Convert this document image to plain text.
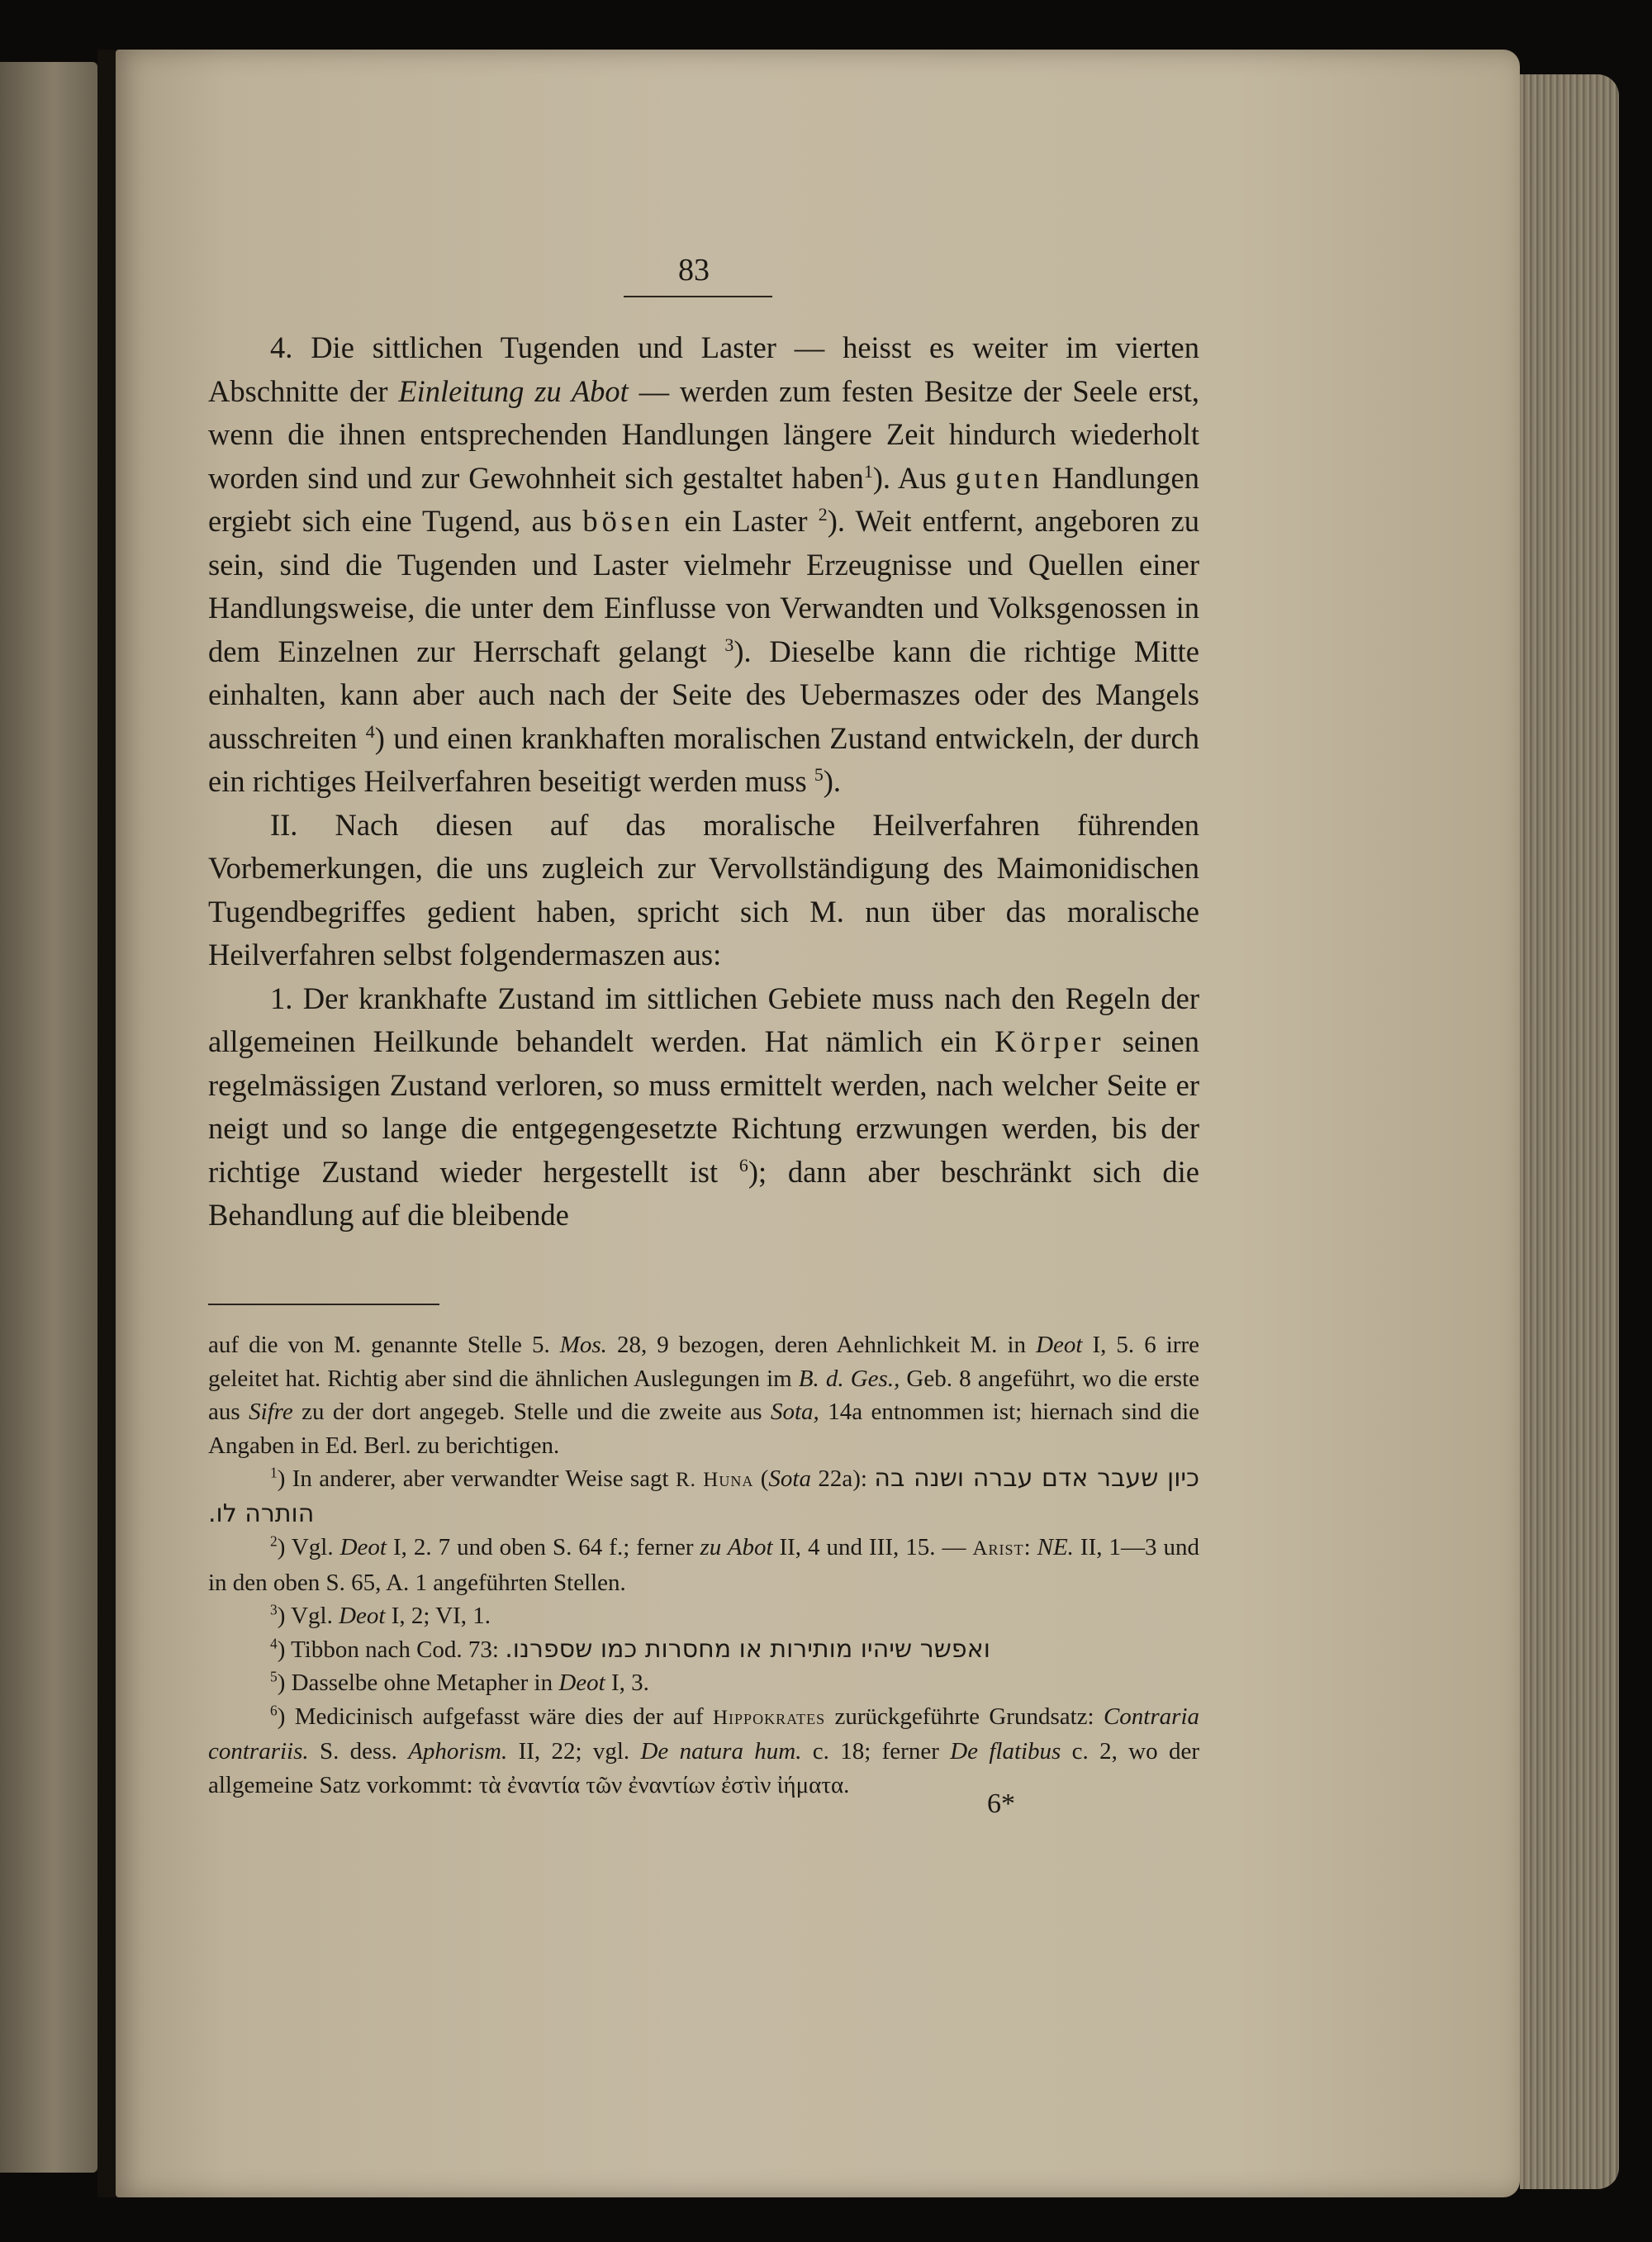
83

4. Die sittlichen Tugenden und Laster — heisst es weiter im vierten Abschnitte der Einleitung zu Abot — werden zum festen Besitze der Seele erst, wenn die ihnen entsprechenden Handlungen längere Zeit hindurch wiederholt worden sind und zur Gewohnheit sich gestaltet haben$^1$). Aus guten Handlungen ergiebt sich eine Tugend, aus bösen ein Laster $^2$). Weit entfernt, angeboren zu sein, sind die Tugenden und Laster vielmehr Erzeugnisse und Quellen einer Handlungsweise, die unter dem Einflusse von Verwandten und Volksgenossen in dem Einzelnen zur Herrschaft gelangt $^3$). Dieselbe kann die richtige Mitte einhalten, kann aber auch nach der Seite des Uebermaszes oder des Mangels ausschreiten $^4$) und einen krankhaften moralischen Zustand entwickeln, der durch ein richtiges Heilverfahren beseitigt werden muss $^5$).

II. Nach diesen auf das moralische Heilverfahren führenden Vorbemerkungen, die uns zugleich zur Vervollständigung des Maimonidischen Tugendbegriffes gedient haben, spricht sich M. nun über das moralische Heilverfahren selbst folgendermaszen aus:

1. Der krankhafte Zustand im sittlichen Gebiete muss nach den Regeln der allgemeinen Heilkunde behandelt werden. Hat nämlich ein Körper seinen regelmässigen Zustand verloren, so muss ermittelt werden, nach welcher Seite er neigt und so lange die entgegengesetzte Richtung erzwungen werden, bis der richtige Zustand wieder hergestellt ist $^6$); dann aber beschränkt sich die Behandlung auf die bleibende

auf die von M. genannte Stelle 5. Mos. 28, 9 bezogen, deren Aehnlichkeit M. in Deot I, 5. 6 irre geleitet hat. Richtig aber sind die ähnlichen Auslegungen im B. d. Ges., Geb. 8 angeführt, wo die erste aus Sifre zu der dort angegeb. Stelle und die zweite aus Sota, 14a entnommen ist; hiernach sind die Angaben in Ed. Berl. zu berichtigen.

$^1$) In anderer, aber verwandter Weise sagt R. Huna (Sota 22a): כיון שעבר אדם עברה ושנה בה הותרה לו.

$^2$) Vgl. Deot I, 2. 7 und oben S. 64 f.; ferner zu Abot II, 4 und III, 15. — Arist: NE. II, 1—3 und in den oben S. 65, A. 1 angeführten Stellen.

$^3$) Vgl. Deot I, 2; VI, 1.

$^4$) Tibbon nach Cod. 73: ואפשר שיהיו מותירות או מחסרות כמו שספרנו.

$^5$) Dasselbe ohne Metapher in Deot I, 3.

$^6$) Medicinisch aufgefasst wäre dies der auf Hippokrates zurückgeführte Grundsatz: Contraria contrariis. S. dess. Aphorism. II, 22; vgl. De natura hum. c. 18; ferner De flatibus c. 2, wo der allgemeine Satz vorkommt: τὰ ἐναντία τῶν ἐναντίων ἐστὶν ἰήματα.

6*
